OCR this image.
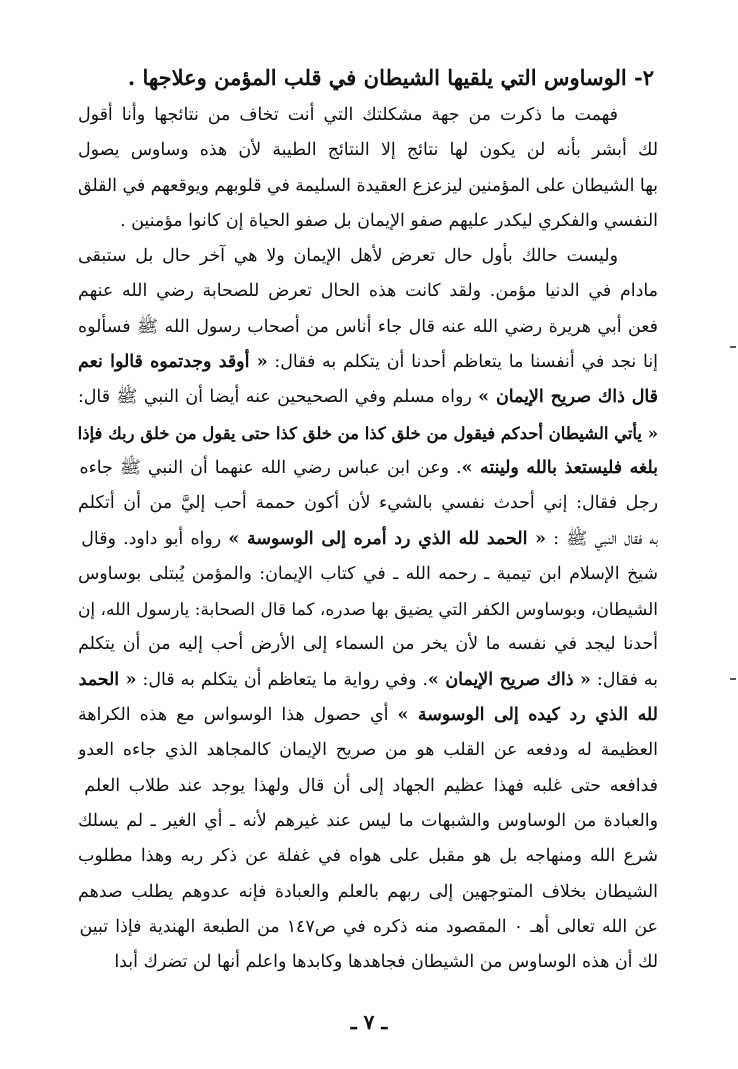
٢- الوساوس التي يلقيها الشيطان في قلب المؤمن وعلاجها .
فهمت ما ذكرت من جهة مشكلتك التي أنت تخاف من نتائجها وأنا أقول
لك أبشر بأنه لن يكون لها نتائج إلا النتائج الطيبة لأن هذه وساوس يصول
بها الشيطان على المؤمنين ليزعزع العقيدة السليمة في قلوبهم ويوقعهم في القلق
النفسي والفكري ليكدر عليهم صفو الإيمان بل صفو الحياة إن كانوا مؤمنين .
وليست حالك بأول حال تعرض لأهل الإيمان ولا هي آخر حال بل ستبقى
مادام في الدنيا مؤمن. ولقد كانت هذه الحال تعرض للصحابة رضي الله عنهم
فعن أبي هريرة رضي الله عنه قال جاء أناس من أصحاب رسول الله ﷺ فسألوه
إنا نجد في أنفسنا ما يتعاظم أحدنا أن يتكلم به فقال: « أوقد وجدتموه قالوا نعم
قال ذاك صريح الإيمان » رواه مسلم وفي الصحيحين عنه أيضا أن النبي ﷺ قال:
« يأتي الشيطان أحدكم فيقول من خلق كذا من خلق كذا حتى يقول من خلق ربك فإذا
بلغه فليستعذ بالله ولينته ». وعن ابن عباس رضي الله عنهما أن النبي ﷺ جاءه
رجل فقال: إني أحدث نفسي بالشيء لأن أكون حممة أحب إليَّ من أن أتكلم
به فقال النبي ﷺ : « الحمد لله الذي رد أمره إلى الوسوسة » رواه أبو داود. وقال
شيخ الإسلام ابن تيمية ـ رحمه الله ـ في كتاب الإيمان: والمؤمن يُبتلى بوساوس
الشيطان، وبوساوس الكفر التي يضيق بها صدره، كما قال الصحابة: يارسول الله، إن
أحدنا ليجد في نفسه ما لأن يخر من السماء إلى الأرض أحب إليه من أن يتكلم
به فقال: « ذاك صريح الإيمان ». وفي رواية ما يتعاظم أن يتكلم به قال: « الحمد
لله الذي رد كيده إلى الوسوسة » أي حصول هذا الوسواس مع هذه الكراهة
العظيمة له ودفعه عن القلب هو من صريح الإيمان كالمجاهد الذي جاءه العدو
فدافعه حتى غلبه فهذا عظيم الجهاد إلى أن قال ولهذا يوجد عند طلاب العلم
والعبادة من الوساوس والشبهات ما ليس عند غيرهم لأنه ـ أي الغير ـ لم يسلك
شرع الله ومنهاجه بل هو مقبل على هواه في غفلة عن ذكر ربه وهذا مطلوب
الشيطان بخلاف المتوجهين إلى ربهم بالعلم والعبادة فإنه عدوهم يطلب صدهم
عن الله تعالى أهـ ٠ المقصود منه ذكره في ص١٤٧ من الطبعة الهندية فإذا تبين
لك أن هذه الوساوس من الشيطان فجاهدها وكابدها واعلم أنها لن تضرك أبدا
ـ ٧ ـ
